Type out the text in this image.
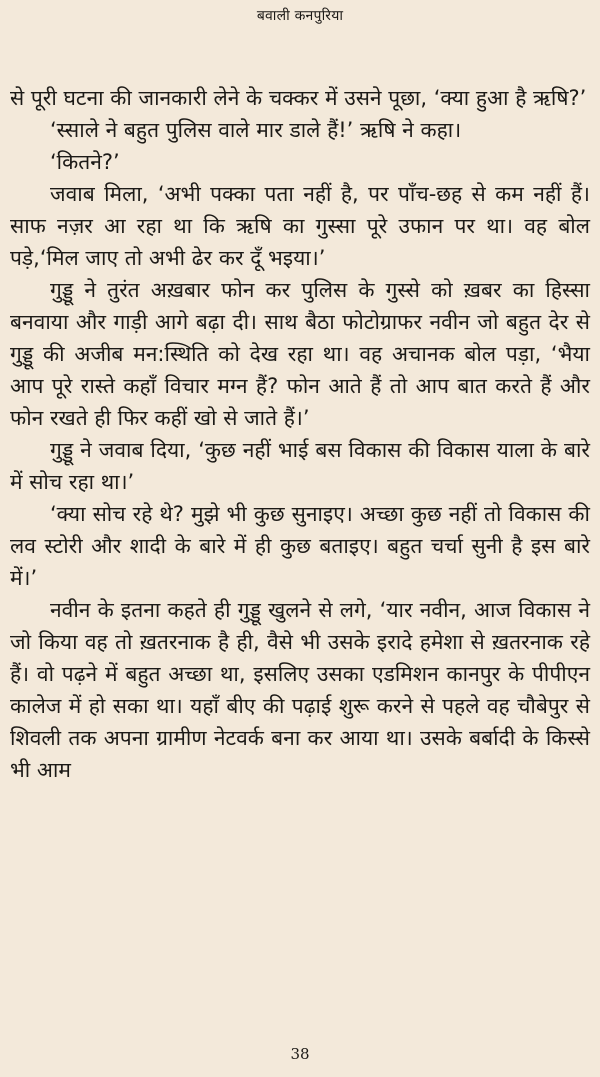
बवाली कनपुरिया

से पूरी घटना की जानकारी लेने के चक्कर में उसने पूछा, ‘क्या हुआ है ऋषि?’

‘स्साले ने बहुत पुलिस वाले मार डाले हैं!’ ऋषि ने कहा।

‘कितने?’

जवाब मिला, ‘अभी पक्का पता नहीं है, पर पाँच-छह से कम नहीं हैं। साफ नज़र आ रहा था कि ऋषि का गुस्सा पूरे उफान पर था। वह बोल पड़े,‘मिल जाए तो अभी ढेर कर दूँ भइया।’

गुड्डू ने तुरंत अख़बार फोन कर पुलिस के गुस्से को ख़बर का हिस्सा बनवाया और गाड़ी आगे बढ़ा दी। साथ बैठा फोटोग्राफर नवीन जो बहुत देर से गुड्डू की अजीब मन:स्थिति को देख रहा था। वह अचानक बोल पड़ा, ‘भैया आप पूरे रास्ते कहाँ विचार मग्न हैं? फोन आते हैं तो आप बात करते हैं और फोन रखते ही फिर कहीं खो से जाते हैं।’

गुड्डू ने जवाब दिया, ‘कुछ नहीं भाई बस विकास की विकास याला के बारे में सोच रहा था।’

‘क्या सोच रहे थे? मुझे भी कुछ सुनाइए। अच्छा कुछ नहीं तो विकास की लव स्टोरी और शादी के बारे में ही कुछ बताइए। बहुत चर्चा सुनी है इस बारे में।’

नवीन के इतना कहते ही गुड्डू खुलने से लगे, ‘यार नवीन, आज विकास ने जो किया वह तो ख़तरनाक है ही, वैसे भी उसके इरादे हमेशा से ख़तरनाक रहे हैं। वो पढ़ने में बहुत अच्छा था, इसलिए उसका एडमिशन कानपुर के पीपीएन कालेज में हो सका था। यहाँ बीए की पढ़ाई शुरू करने से पहले वह चौबेपुर से शिवली तक अपना ग्रामीण नेटवर्क बना कर आया था। उसके बर्बादी के किस्से भी आम

38
